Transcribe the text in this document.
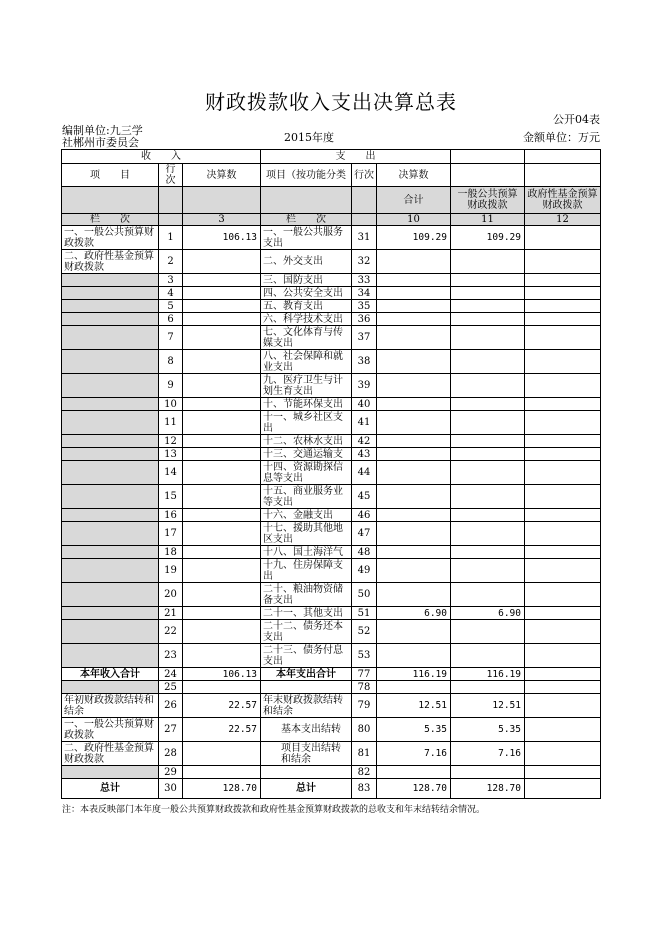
财政拨款收入支出决算总表
公开04表
编制单位:九三学
社郴州市委员会	2015年度	金额单位：万元
收　　入			支　　出				
项　　目	行次	决算数	项目（按功能分类	行次	决算数		
					合计	一般公共预算财政拨款	政府性基金预算财政拨款
栏　　次		3	栏　　次		10	11	12
一、一般公共预算财政拨款	1	106.13	一、一般公共服务支出	31	109.29	109.29	
二、政府性基金预算财政拨款	2		二、外交支出	32			
	3		三、国防支出	33			
	4		四、公共安全支出	34			
	5		五、教育支出	35			
	6		六、科学技术支出	36			
	7		七、文化体育与传媒支出	37			
	8		八、社会保障和就业支出	38			
	9		九、医疗卫生与计划生育支出	39			
	10		十、节能环保支出	40			
	11		十一、城乡社区支出	41			
	12		十二、农林水支出	42			
	13		十三、交通运输支	43			
	14		十四、资源勘探信息等支出	44			
	15		十五、商业服务业等支出	45			
	16		十六、金融支出	46			
	17		十七、援助其他地区支出	47			
	18		十八、国土海洋气	48			
	19		十九、住房保障支出	49			
	20		二十、粮油物资储备支出	50			
	21		二十一、其他支出	51	6.90	6.90	
	22		二十二、债务还本支出	52			
	23		二十三、债务付息支出	53			
本年收入合计	24	106.13	本年支出合计	77	116.19	116.19	
	25			78			
年初财政拨款结转和结余	26	22.57	年末财政拨款结转和结余	79	12.51	12.51	
一、一般公共预算财政拨款	27	22.57	基本支出结转	80	5.35	5.35	
二、政府性基金预算财政拨款	28		项目支出结转和结余	81	7.16	7.16	
	29			82			
总计	30	128.70	总计	83	128.70	128.70	
注：本表反映部门本年度一般公共预算财政拨款和政府性基金预算财政拨款的总收支和年末结转结余情况。
